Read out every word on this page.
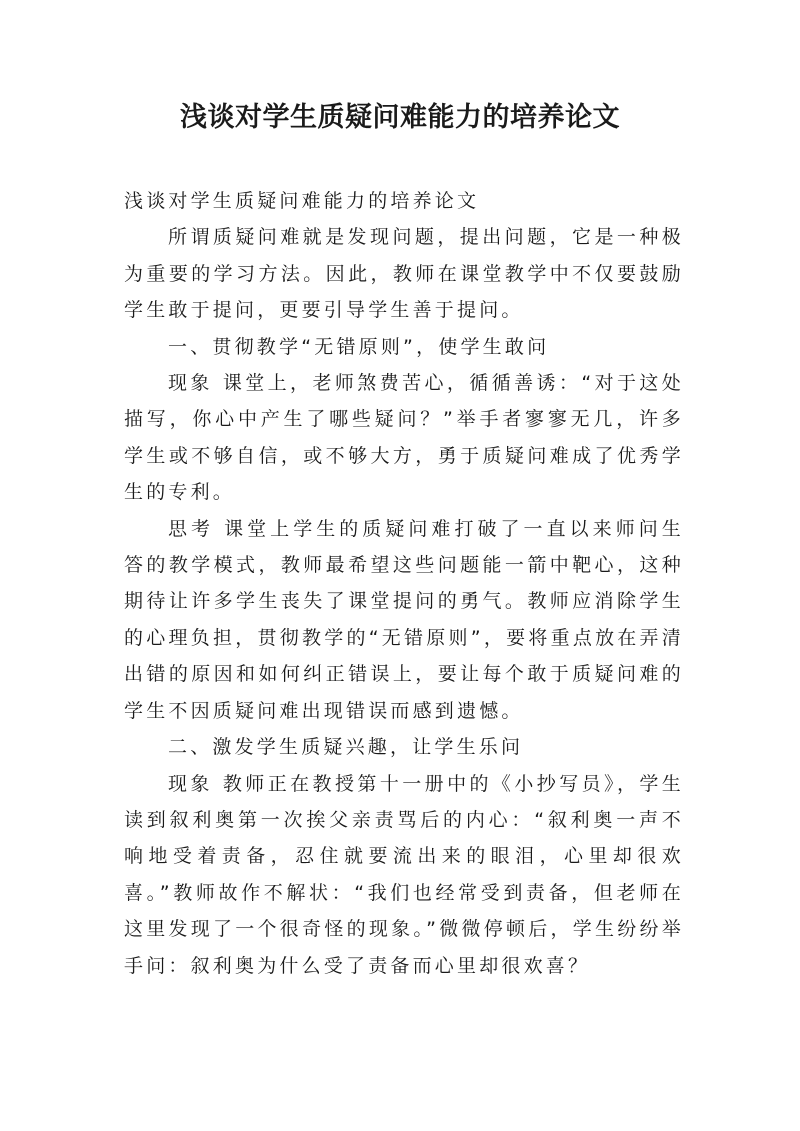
浅谈对学生质疑问难能力的培养论文

浅谈对学生质疑问难能力的培养论文

所谓质疑问难就是发现问题，提出问题，它是一种极为重要的学习方法。因此，教师在课堂教学中不仅要鼓励学生敢于提问，更要引导学生善于提问。

一、贯彻教学“无错原则”，使学生敢问

现象 课堂上，老师煞费苦心，循循善诱：“对于这处描写，你心中产生了哪些疑问？”举手者寥寥无几，许多学生或不够自信，或不够大方，勇于质疑问难成了优秀学生的专利。

思考 课堂上学生的质疑问难打破了一直以来师问生答的教学模式，教师最希望这些问题能一箭中靶心，这种期待让许多学生丧失了课堂提问的勇气。教师应消除学生的心理负担，贯彻教学的“无错原则”，要将重点放在弄清出错的原因和如何纠正错误上，要让每个敢于质疑问难的学生不因质疑问难出现错误而感到遗憾。

二、激发学生质疑兴趣，让学生乐问

现象 教师正在教授第十一册中的《小抄写员》，学生读到叙利奥第一次挨父亲责骂后的内心：“叙利奥一声不响地受着责备，忍住就要流出来的眼泪，心里却很欢喜。”教师故作不解状：“我们也经常受到责备，但老师在这里发现了一个很奇怪的现象。”微微停顿后，学生纷纷举手问：叙利奥为什么受了责备而心里却很欢喜？
